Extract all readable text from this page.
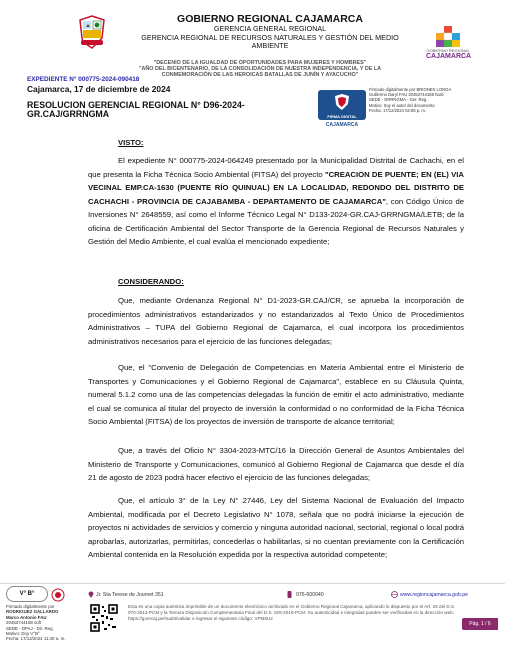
GOBIERNO REGIONAL CAJAMARCA
GERENCIA GENERAL REGIONAL
GERENCIA REGIONAL DE RECURSOS NATURALES Y GESTIÓN DEL MEDIO
AMBIENTE
GOBIERNO REGIONAL
CAJAMARCA
"DECENIO DE LA IGUALDAD DE OPORTUNIDADES PARA MUJERES Y HOMBRES"
"AÑO DEL BICENTENARIO, DE LA CONSOLIDACIÓN DE NUESTRA INDEPENDENCIA, Y DE LA
CONMEMORACIÓN DE LAS HEROICAS BATALLAS DE JUNÍN Y AYACUCHO"
EXPEDIENTE N° 000775-2024-090418
Cajamarca, 17 de diciembre de 2024
RESOLUCION GERENCIAL REGIONAL N° D96-2024-
GR.CAJ/GRRNGMA	FIRMA DIGITAL
CAJAMARCA
Firmado digitalmente por BRIONES LONGA
Guillermo Daryl FAU 20453744168 hard
SEDE - GRRNGMA - Ger. Reg.
Motivo: Soy el autor del documento
Fecha: 17/12/2024 04:08 p. m.
VISTO:
El expediente N° 000775-2024-064249 presentado por la Municipalidad Distrital de Cachachi, en el que presenta la Ficha Técnica Socio Ambiental (FITSA) del proyecto "CREACION DE PUENTE; EN (EL) VIA VECINAL EMP.CA-1630 (PUENTE RÍO QUINUAL) EN LA LOCALIDAD, REDONDO DEL DISTRITO DE CACHACHI - PROVINCIA DE CAJABAMBA - DEPARTAMENTO DE CAJAMARCA", con Código Único de Inversiones N° 2648559, así como el Informe Técnico Legal N° D133-2024-GR.CAJ-GRRNGMA/LETB; de la oficina de Certificación Ambiental del Sector Transporte de la Gerencia Regional de Recursos Naturales y Gestión del Medio Ambiente, el cual evalúa el mencionado expediente;
CONSIDERANDO:
Que, mediante Ordenanza Regional N° D1-2023-GR.CAJ/CR, se aprueba la incorporación de procedimientos administrativos estandarizados y no estandarizados al Texto Único de Procedimientos Administrativos – TUPA del Gobierno Regional de Cajamarca, el cual incorpora los procedimientos administrativos necesarios para el ejercicio de las funciones delegadas;
Que, el "Convenio de Delegación de Competencias en Materia Ambiental entre el Ministerio de Transportes y Comunicaciones y el Gobierno Regional de Cajamarca", establece en su Cláusula Quinta, numeral 5.1.2 como una de las competencias delegadas la función de emitir el acto administrativo, mediante el cual se comunica al titular del proyecto de inversión la conformidad o no conformidad de la Ficha Técnica Socio Ambiental (FITSA) de los proyectos de inversión de transporte de alcance territorial;
Que, a través del Oficio N° 3304-2023-MTC/16 la Dirección General de Asuntos Ambientales del Ministerio de Transporte y Comunicaciones, comunicó al Gobierno Regional de Cajamarca que desde el día 21 de agosto de 2023 podrá hacer efectivo el ejercicio de las funciones delegadas;
Que, el artículo 3° de la Ley N° 27446, Ley del Sistema Nacional de Evaluación del Impacto Ambiental, modificada por el Decreto Legislativo N° 1078, señala que no podrá iniciarse la ejecución de proyectos ni actividades de servicios y comercio y ninguna autoridad nacional, sectorial, regional o local podrá aprobarlas, autorizarlas, permitirlas, concederlas o habilitarlas, si no cuentan previamente con la Certificación Ambiental contenida en la Resolución expedida por la respectiva autoridad competente;
V° B°
Firmado digitalmente por
RODRIGUEZ GALLARDO
Marco Antonio FAU
20453744168 soft
SEDE - DPAJ - Dir. Reg.
Motivo: Doy V°B°
Fecha: 17/12/2024 11:40 a. m.
Jr. Sta Terese de Journet 351	076-600040	www.regioncajamarca.gob.pe
Esta es una copia auténtica imprimible de un documento electrónico archivado en el Gobierno Regional Cajamarca, aplicando lo dispuesto por el Art. 25 del D.S. 070-2013-PCM y la Tercera Disposición Complementaria Final del D.S. 026-2016-PCM. Su autenticidad e integridad pueden ser verificadas en la dirección web: https://gorecaj.pe/mad3/validar e ingresar el siguiente código: VPM8U2
Pág. 1 / 6
